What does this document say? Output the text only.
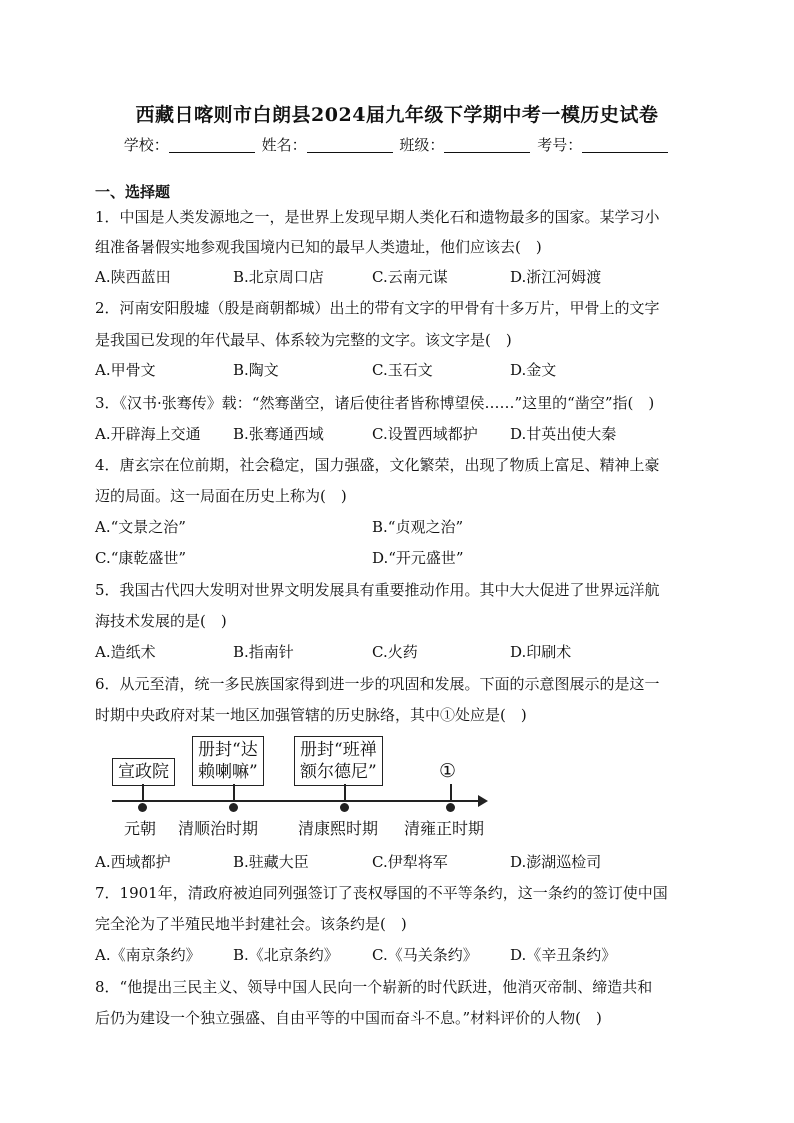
西藏日喀则市白朗县2024届九年级下学期中考一模历史试卷
学校：	姓名：	班级：	考号：
一、选择题
1．中国是人类发源地之一，是世界上发现早期人类化石和遗物最多的国家。某学习小
组准备暑假实地参观我国境内已知的最早人类遗址，他们应该去(　)
A.陕西蓝田	B.北京周口店	C.云南元谋	D.浙江河姆渡
2．河南安阳殷墟（殷是商朝都城）出土的带有文字的甲骨有十多万片，甲骨上的文字
是我国已发现的年代最早、体系较为完整的文字。该文字是(　)
A.甲骨文	B.陶文	C.玉石文	D.金文
3．《汉书·张骞传》载：“然骞凿空，诸后使往者皆称博望侯……”这里的“凿空”指(　)
A.开辟海上交通 B.张骞通西域	C.设置西域都护 D.甘英出使大秦
4．唐玄宗在位前期，社会稳定，国力强盛，文化繁荣，出现了物质上富足、精神上豪
迈的局面。这一局面在历史上称为(　)
A.“文景之治”	B.“贞观之治”
C.“康乾盛世”	D.“开元盛世”
5．我国古代四大发明对世界文明发展具有重要推动作用。其中大大促进了世界远洋航
海技术发展的是(　)
A.造纸术	B.指南针	C.火药	D.印刷术
6．从元至清，统一多民族国家得到进一步的巩固和发展。下面的示意图展示的是这一
时期中央政府对某一地区加强管辖的历史脉络，其中①处应是(　)
宣政院
册封“达
赖喇嘛”
册封“班禅
额尔德尼”	①
元朝 清顺治时期 清康熙时期 清雍正时期
A.西域都护	B.驻藏大臣	C.伊犁将军	D.澎湖巡检司
7．1901年，清政府被迫同列强签订了丧权辱国的不平等条约，这一条约的签订使中国
完全沦为了半殖民地半封建社会。该条约是(　)
A.《南京条约》 B.《北京条约》 C.《马关条约》 D.《辛丑条约》
8．“他提出三民主义、领导中国人民向一个崭新的时代跃进，他消灭帝制、缔造共和
后仍为建设一个独立强盛、自由平等的中国而奋斗不息。”材料评价的人物(　)
